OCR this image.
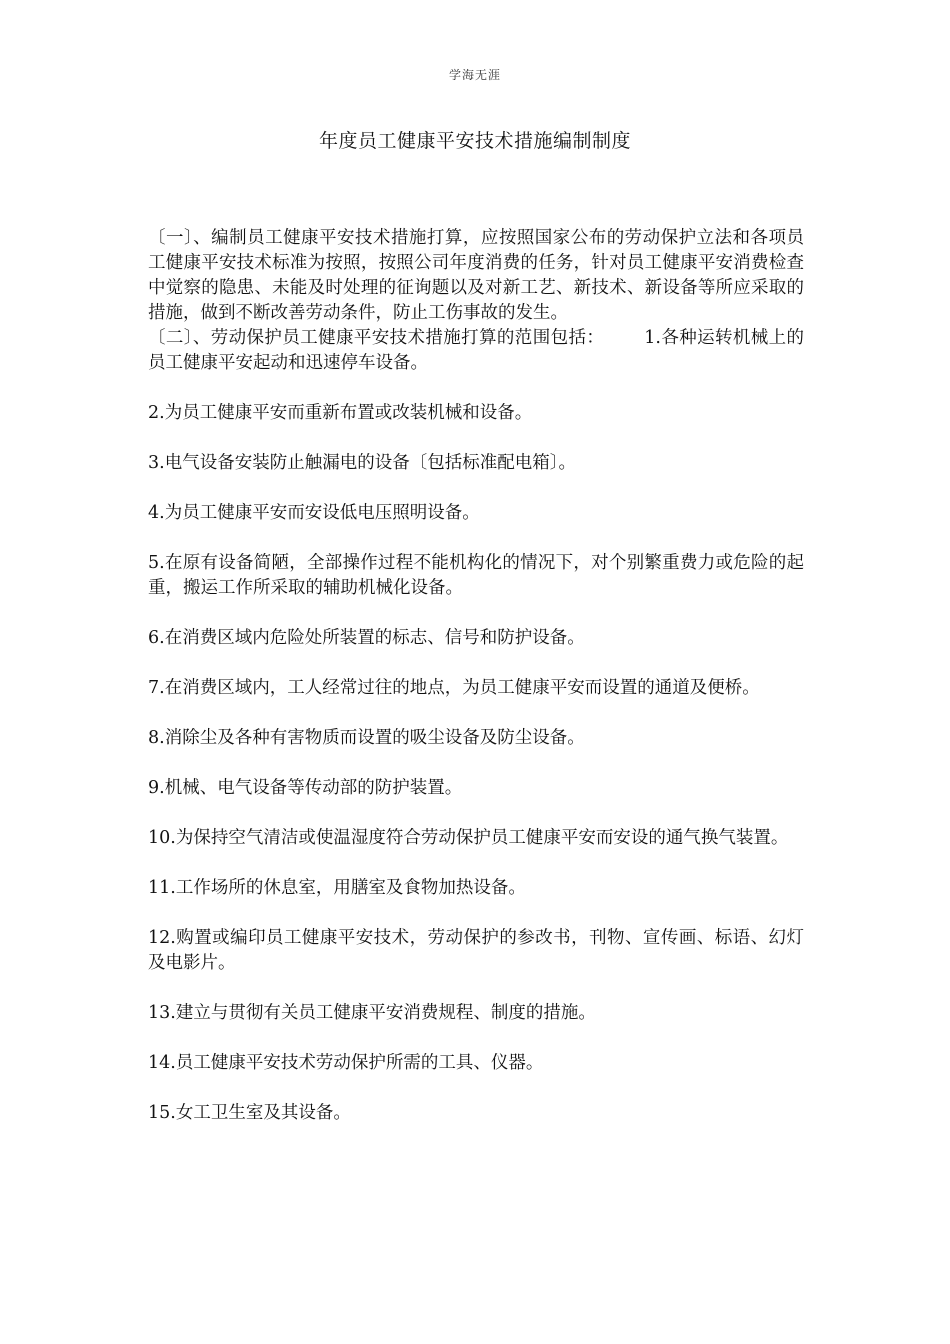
学海无涯
年度员工健康平安技术措施编制制度

〔一〕、编制员工健康平安技术措施打算，应按照国家公布的劳动保护立法和各项员工健康平安技术标准为按照，按照公司年度消费的任务，针对员工健康平安消费检查中觉察的隐患、未能及时处理的征询题以及对新工艺、新技术、新设备等所应采取的措施，做到不断改善劳动条件，防止工伤事故的发生。

〔二〕、劳动保护员工健康平安技术措施打算的范围包括： 1.各种运转机械上的员工健康平安起动和迅速停车设备。

2.为员工健康平安而重新布置或改装机械和设备。

3.电气设备安装防止触漏电的设备〔包括标准配电箱〕。

4.为员工健康平安而安设低电压照明设备。

5.在原有设备简陋，全部操作过程不能机构化的情况下，对个别繁重费力或危险的起重，搬运工作所采取的辅助机械化设备。

6.在消费区域内危险处所装置的标志、信号和防护设备。

7.在消费区域内，工人经常过往的地点，为员工健康平安而设置的通道及便桥。

8.消除尘及各种有害物质而设置的吸尘设备及防尘设备。

9.机械、电气设备等传动部的防护装置。

10.为保持空气清洁或使温湿度符合劳动保护员工健康平安而安设的通气换气装置。

11.工作场所的休息室，用膳室及食物加热设备。

12.购置或编印员工健康平安技术，劳动保护的参改书，刊物、宣传画、标语、幻灯及电影片。

13.建立与贯彻有关员工健康平安消费规程、制度的措施。

14.员工健康平安技术劳动保护所需的工具、仪器。

15.女工卫生室及其设备。
